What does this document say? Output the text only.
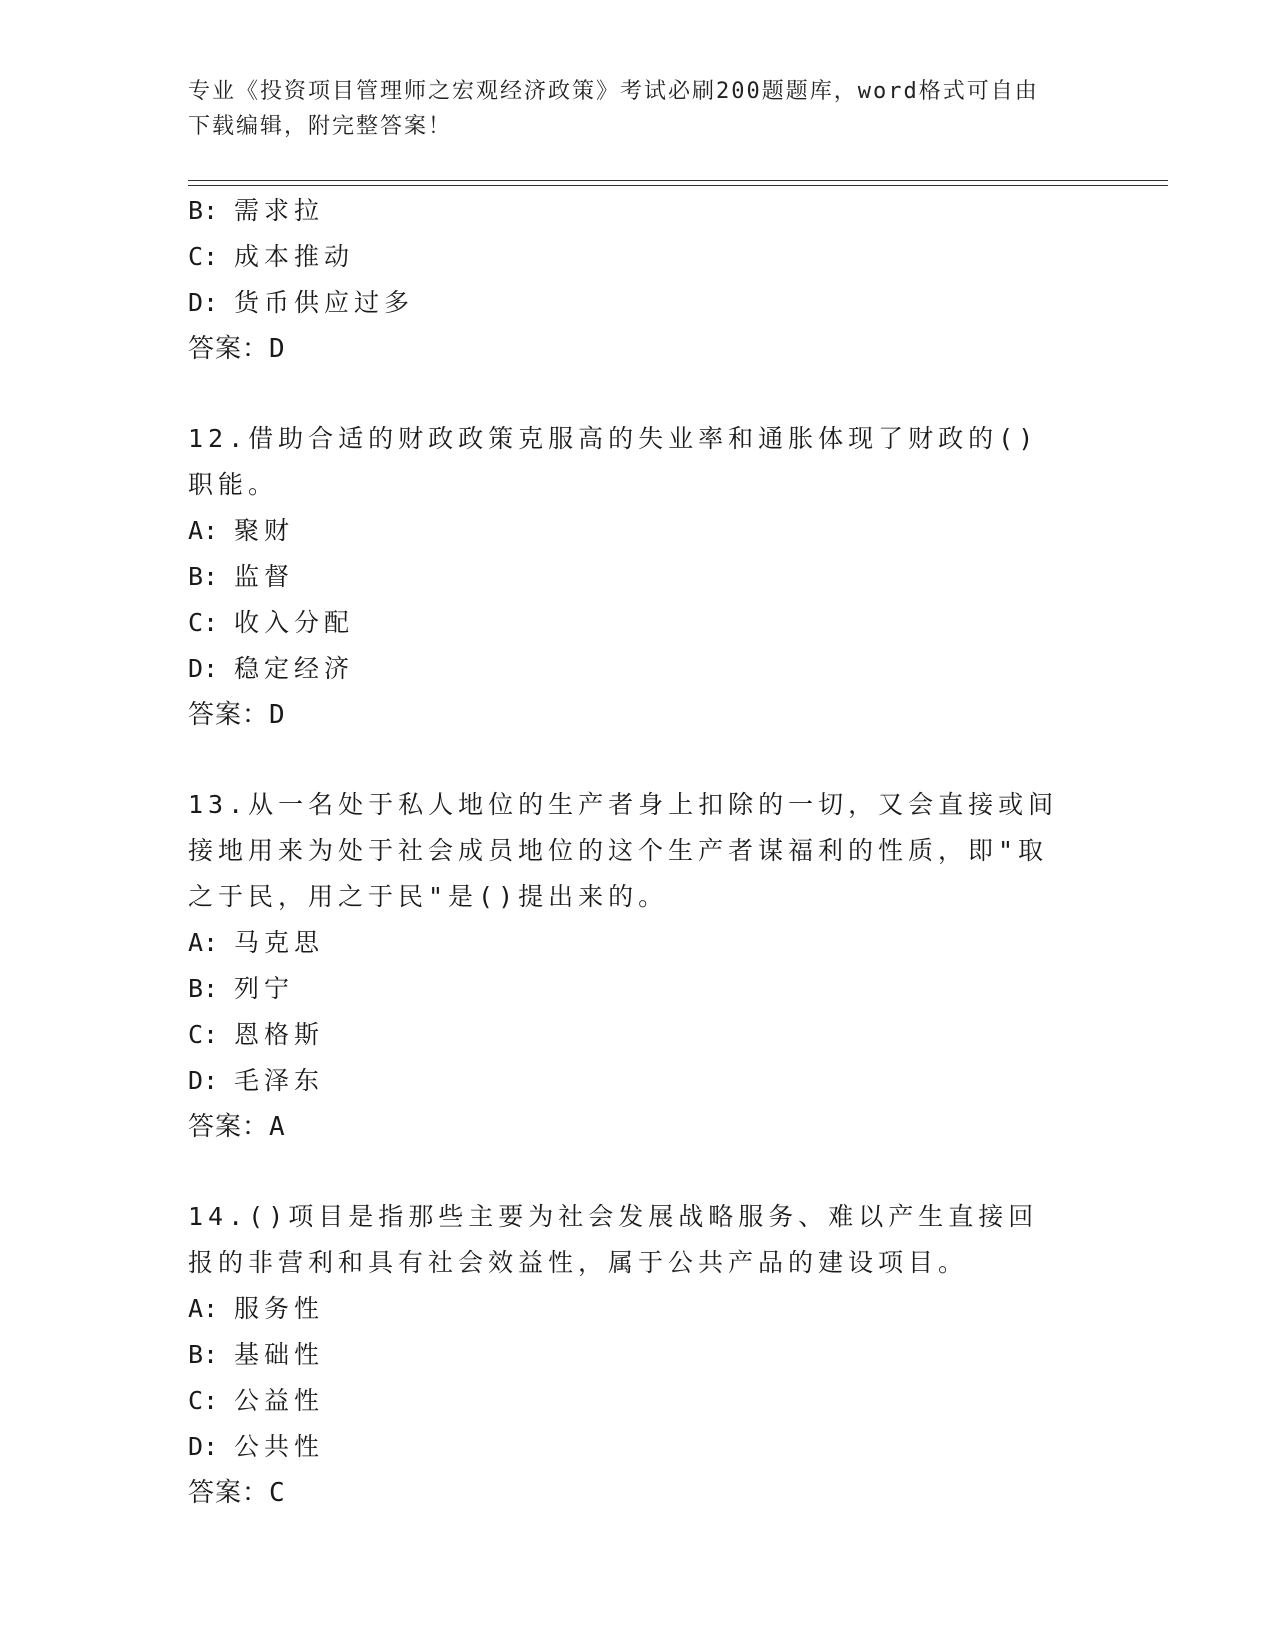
专业《投资项目管理师之宏观经济政策》考试必刷200题题库，word格式可自由
下载编辑，附完整答案！
B: 需求拉
C: 成本推动
D: 货币供应过多
答案：D
12.借助合适的财政政策克服高的失业率和通胀体现了财政的()职能。
A: 聚财
B: 监督
C: 收入分配
D: 稳定经济
答案：D
13.从一名处于私人地位的生产者身上扣除的一切，又会直接或间接地用来为处于社会成员地位的这个生产者谋福利的性质，即"取之于民，用之于民"是()提出来的。
A: 马克思
B: 列宁
C: 恩格斯
D: 毛泽东
答案：A
14.()项目是指那些主要为社会发展战略服务、难以产生直接回报的非营利和具有社会效益性，属于公共产品的建设项目。
A: 服务性
B: 基础性
C: 公益性
D: 公共性
答案：C
